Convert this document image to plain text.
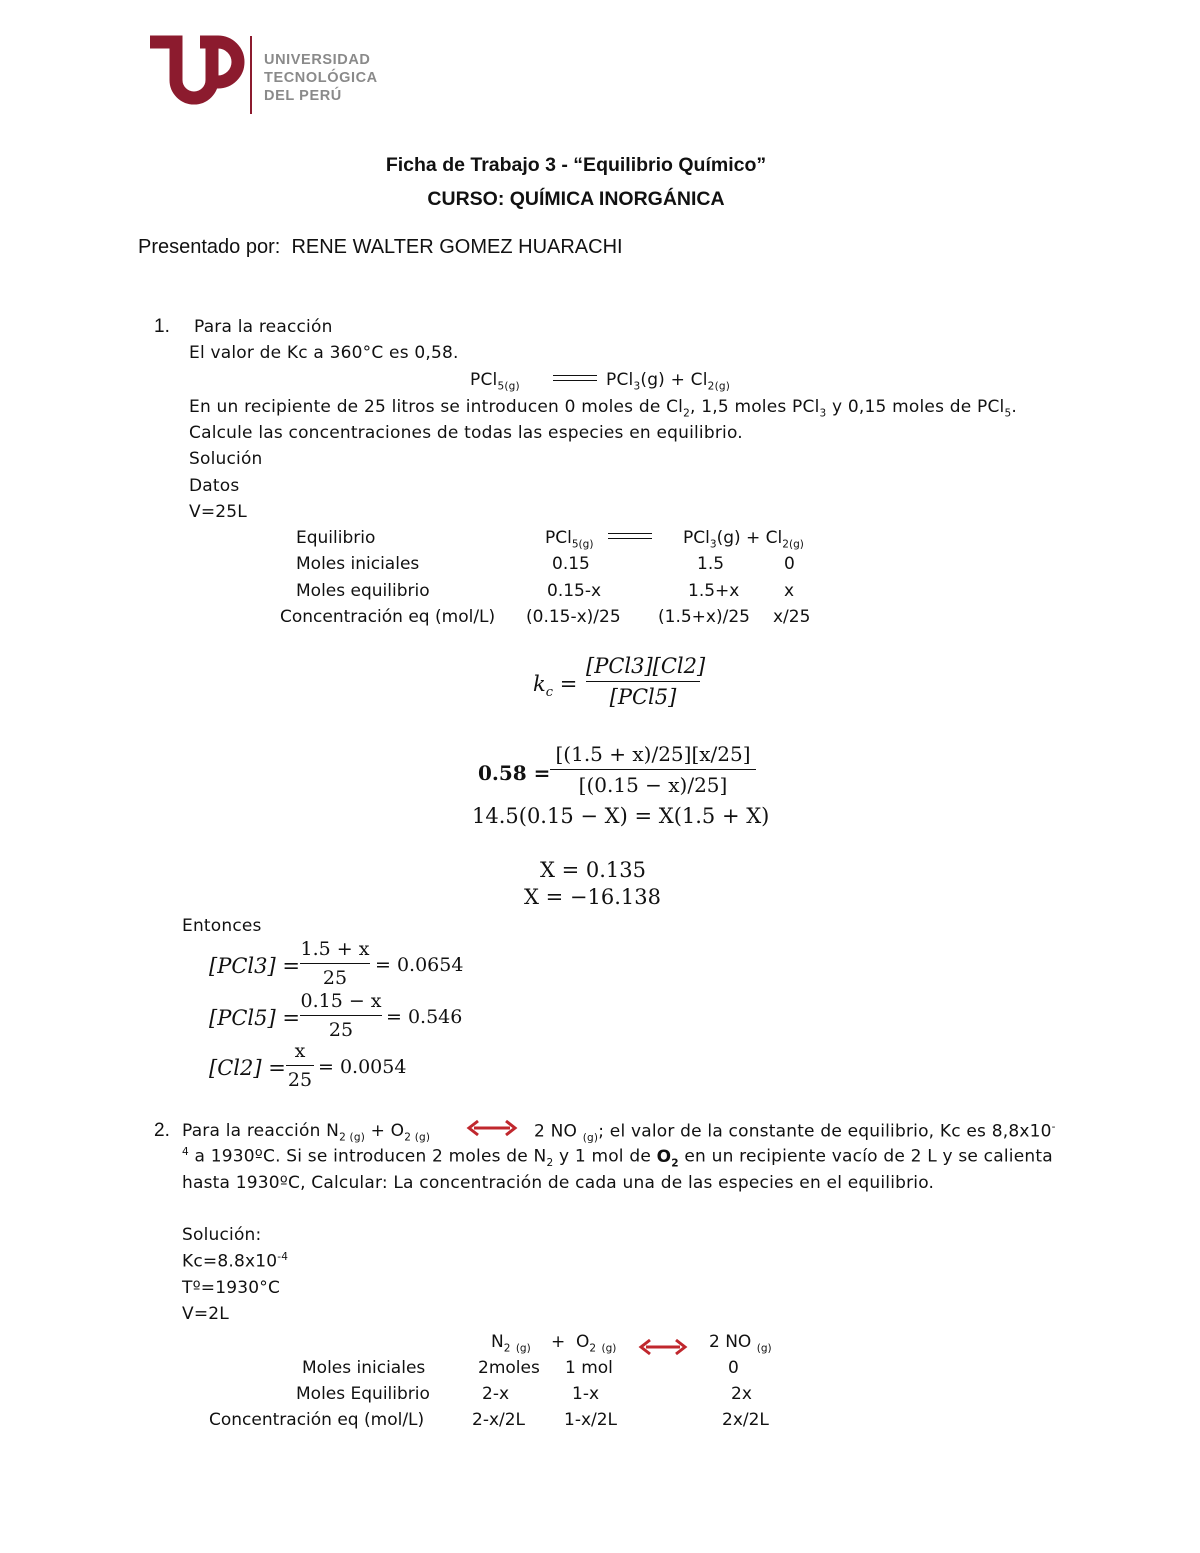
UNIVERSIDAD
TECNOLÓGICA
DEL PERÚ
Ficha de Trabajo 3 - “Equilibrio Químico”
CURSO: QUÍMICA INORGÁNICA
Presentado por: RENE WALTER GOMEZ HUARACHI
1. Para la reacción
El valor de Kc a 360°C es 0,58.
PCl$_{5(g)}$	$PCl_3(g) + Cl_{2(g)}$
En un recipiente de 25 litros se introducen 0 moles de $Cl_2$, 1,5 moles PCl$_3$ y 0,15 moles de PCl$_5$.
Calcule las concentraciones de todas las especies en equilibrio.
Solución
Datos
V=25L
Equilibrio	PCl$_{5(g)}$	$PCl_3(g) + Cl_{2(g)}$
Moles iniciales	0.15	1.5	0
Moles equilibrio	0.15-x	1.5+x	x
Concentración eq (mol/L) (0.15-x)/25 (1.5+x)/25 x/25
$k_c$ =
[PCl3][Cl2]
[PCl5]
0.58 =
[(1.5 + x)/25][x/25]
[(0.15 − x)/25]
14.5(0.15 − X) = X(1.5 + X)
X = 0.135
X = −16.138
Entonces
[PCl3] =
1.5 + x
25
= 0.0654
[PCl5] =
0.15 − x
25
= 0.546
[Cl2] =
x
25
= 0.0054
2. Para la reacción $N_{2 (g)} + O_{2 (g)}$	2 NO $_{(g)}$; el valor de la constante de equilibrio, Kc es 8,8x10-
$^4$ a 1930ºC. Si se introducen 2 moles de $N_2$ y 1 mol de $O_2$ en un recipiente vacío de 2 L y se calienta
hasta 1930ºC, Calcular: La concentración de cada una de las especies en el equilibrio.
Solución:
$Kc=8.8x10^{-4}$
Tº=1930°C
V=2L
$N_2$ $_{(g)} + O_2$ $_{(g)}$	2 NO $_{(g)}$
Moles iniciales	2moles 1 mol	0
Moles Equilibrio	2-x	1-x	2x
Concentración eq (mol/L)	2-x/2L 1-x/2L	2x/2L
